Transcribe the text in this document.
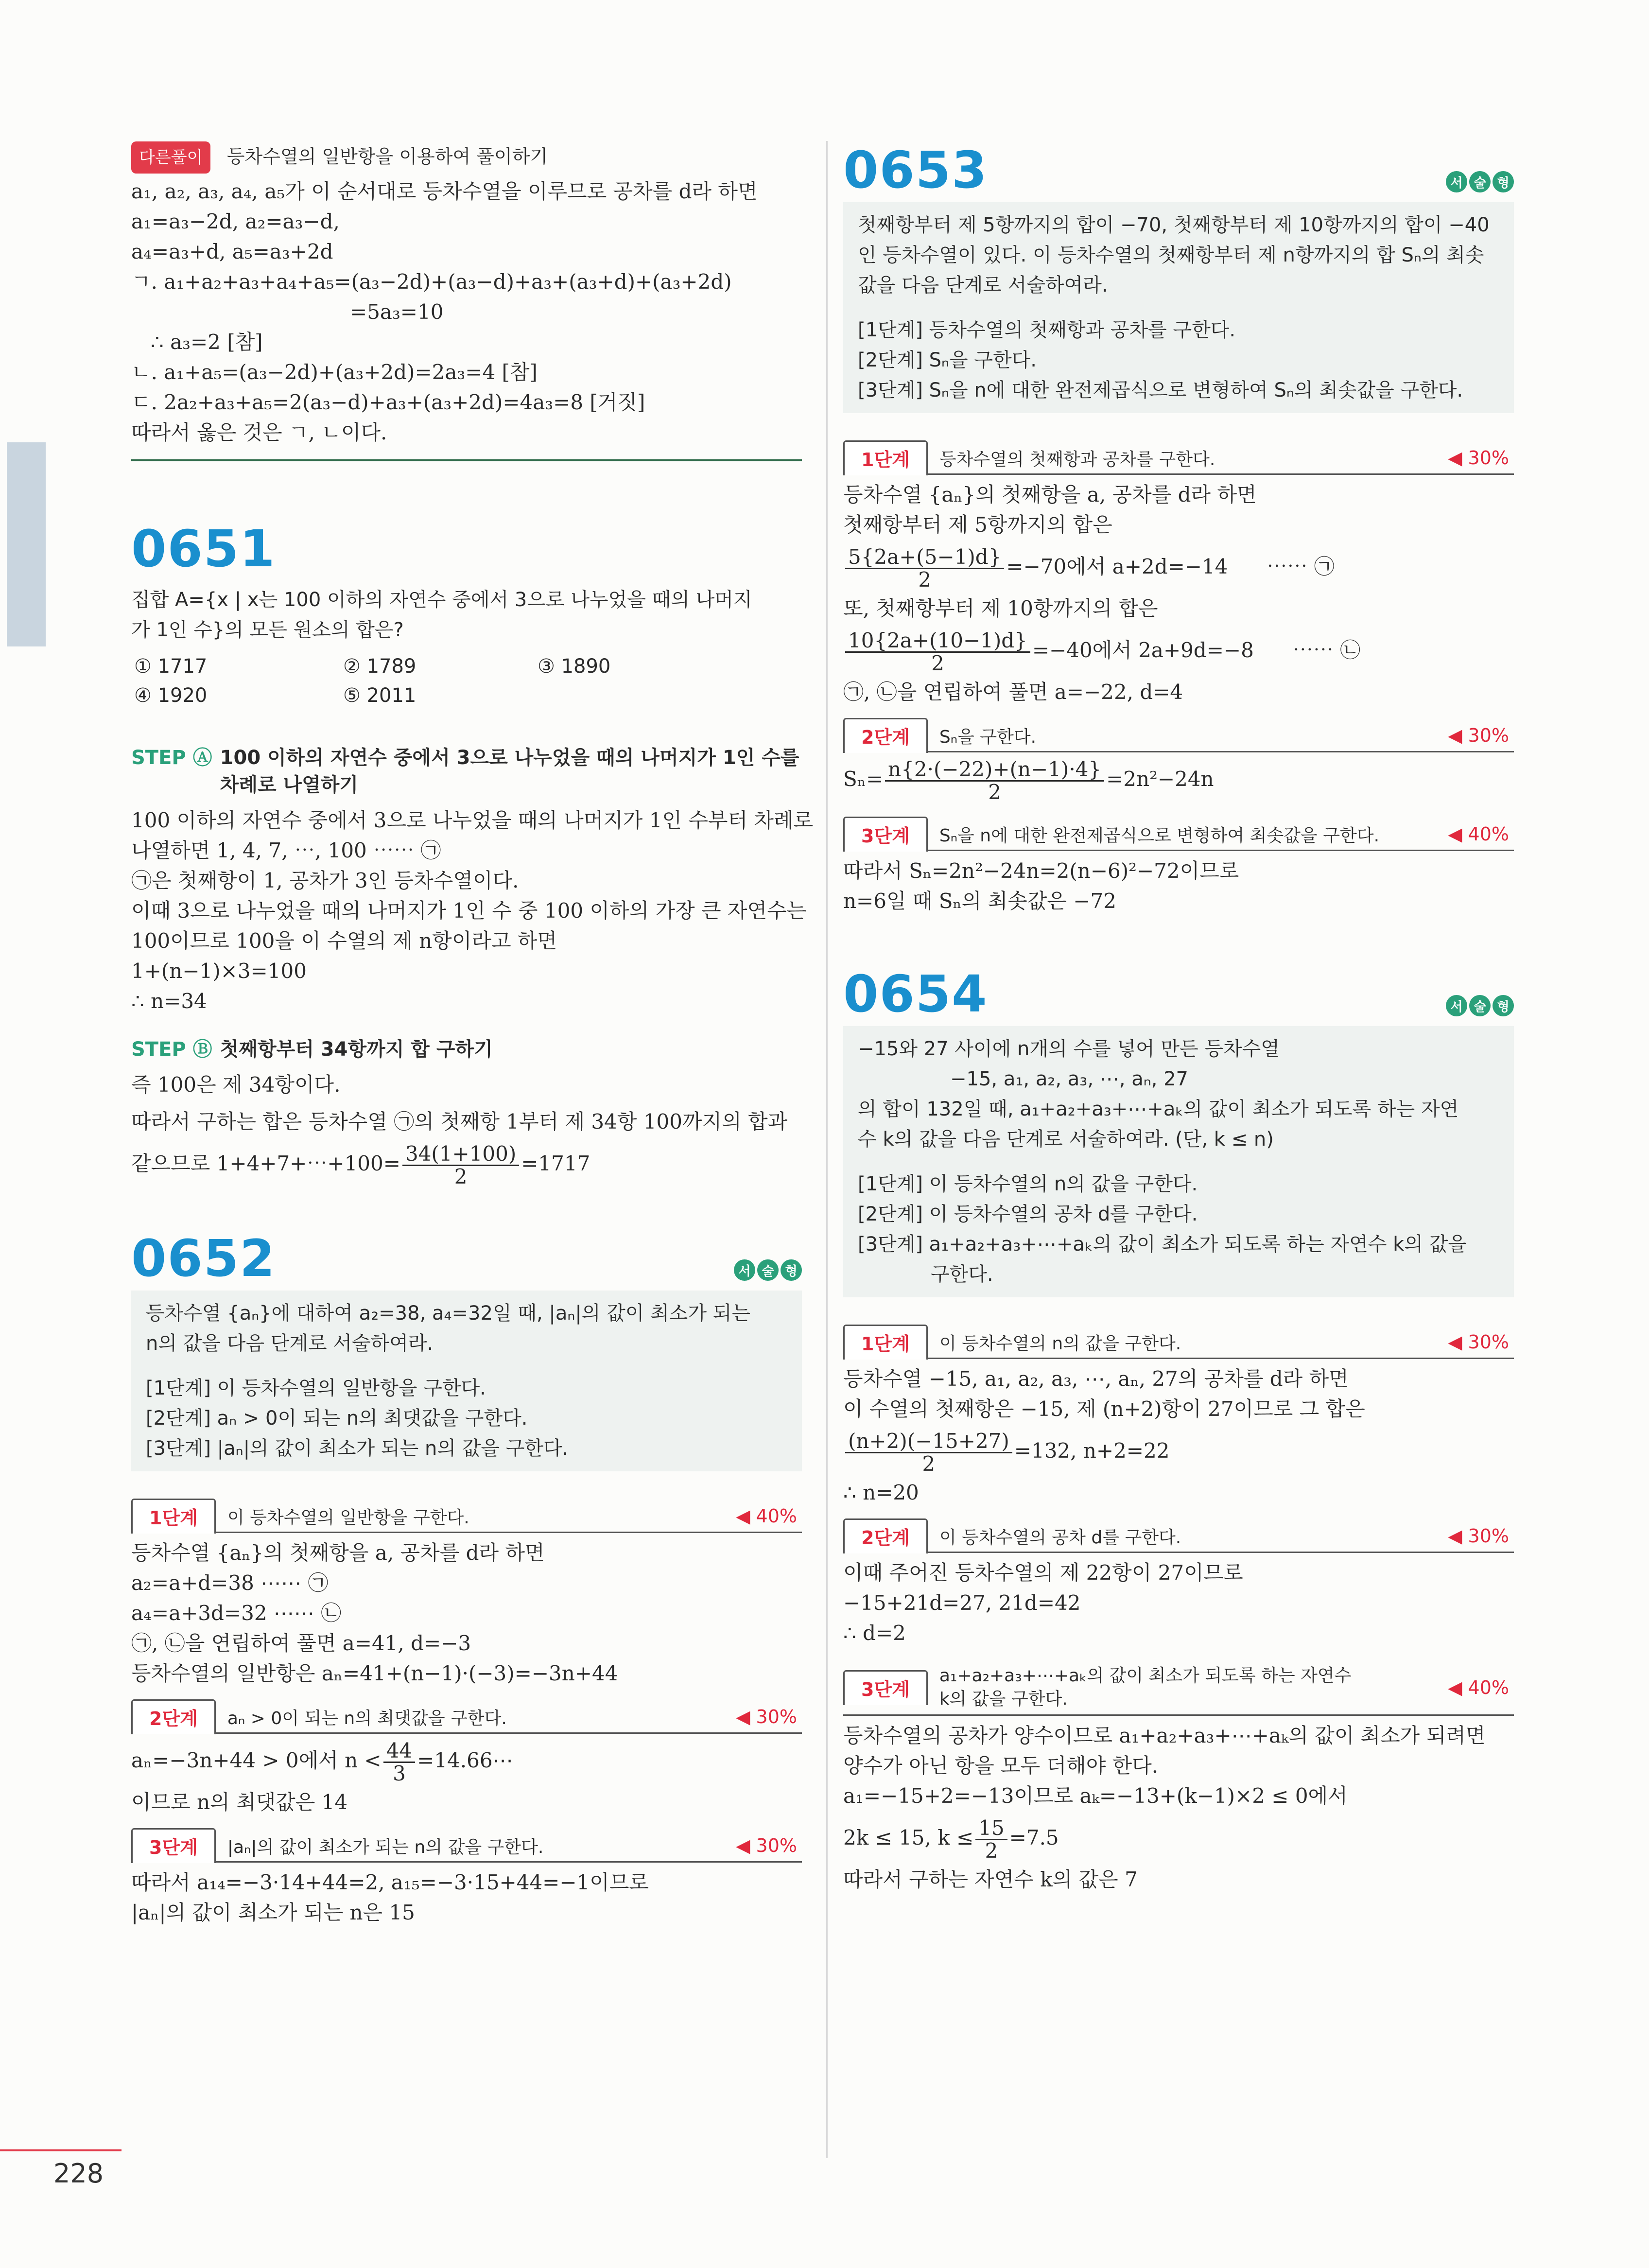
다른풀이 등차수열의 일반항을 이용하여 풀이하기
a₁, a₂, a₃, a₄, a₅가 이 순서대로 등차수열을 이루므로 공차를 d라 하면
a₁=a₃−2d, a₂=a₃−d,
a₄=a₃+d, a₅=a₃+2d
ㄱ. a₁+a₂+a₃+a₄+a₅=(a₃−2d)+(a₃−d)+a₃+(a₃+d)+(a₃+2d)
=5a₃=10
∴ a₃=2 [참]
ㄴ. a₁+a₅=(a₃−2d)+(a₃+2d)=2a₃=4 [참]
ㄷ. 2a₂+a₃+a₅=2(a₃−d)+a₃+(a₃+2d)=4a₃=8 [거짓]
따라서 옳은 것은 ㄱ, ㄴ이다.
0651
집합 A={x | x는 100 이하의 자연수 중에서 3으로 나누었을 때의 나머지
가 1인 수}의 모든 원소의 합은?
① 1717	② 1789	③ 1890
④ 1920	⑤ 2011
STEP Ⓐ 100 이하의 자연수 중에서 3으로 나누었을 때의 나머지가 1인 수를 차례로 나열하기
100 이하의 자연수 중에서 3으로 나누었을 때의 나머지가 1인 수부터 차례로
나열하면 1, 4, 7, ⋯, 100 ⋯⋯ ㉠
㉠은 첫째항이 1, 공차가 3인 등차수열이다.
이때 3으로 나누었을 때의 나머지가 1인 수 중 100 이하의 가장 큰 자연수는
100이므로 100을 이 수열의 제 n항이라고 하면
1+(n−1)×3=100
∴ n=34
STEP Ⓑ 첫째항부터 34항까지 합 구하기
즉 100은 제 34항이다.
따라서 구하는 합은 등차수열 ㉠의 첫째항 1부터 제 34항 100까지의 합과
같으므로 1+4+7+⋯+100= $\frac{34(1+100)}{2} =1717$
0652	서 술 형
등차수열 {aₙ}에 대하여 a₂=38, a₄=32일 때, |aₙ|의 값이 최소가 되는
n의 값을 다음 단계로 서술하여라.
[1단계] 이 등차수열의 일반항을 구한다.
[2단계] aₙ > 0이 되는 n의 최댓값을 구한다.
[3단계] |aₙ|의 값이 최소가 되는 n의 값을 구한다.
1단계	이 등차수열의 일반항을 구한다.	◀ 40%
등차수열 {aₙ}의 첫째항을 a, 공차를 d라 하면
a₂=a+d=38 ⋯⋯ ㉠
a₄=a+3d=32 ⋯⋯ ㉡
㉠, ㉡을 연립하여 풀면 a=41, d=−3
등차수열의 일반항은 aₙ=41+(n−1)·(−3)=−3n+44
2단계	aₙ > 0이 되는 n의 최댓값을 구한다.	◀ 30%
aₙ=−3n+44 > 0에서 $n < \frac{44}{3}$ =14.66⋯
이므로 n의 최댓값은 14
3단계	|aₙ|의 값이 최소가 되는 n의 값을 구한다.	◀ 30%
따라서 a₁₄=−3·14+44=2, a₁₅=−3·15+44=−1이므로
|aₙ|의 값이 최소가 되는 n은 15
0653	서 술 형
첫째항부터 제 5항까지의 합이 −70, 첫째항부터 제 10항까지의 합이 −40
인 등차수열이 있다. 이 등차수열의 첫째항부터 제 n항까지의 합 Sₙ의 최솟
값을 다음 단계로 서술하여라.
[1단계] 등차수열의 첫째항과 공차를 구한다.
[2단계] Sₙ을 구한다.
[3단계] Sₙ을 n에 대한 완전제곱식으로 변형하여 Sₙ의 최솟값을 구한다.
1단계	등차수열의 첫째항과 공차를 구한다.	◀ 30%
등차수열 {aₙ}의 첫째항을 a, 공차를 d라 하면
첫째항부터 제 5항까지의 합은
$\frac{5\{2a+(5-1)d\}}{2} =-70$에서 a+2d=−14 ⋯⋯ ㉠
또, 첫째항부터 제 10항까지의 합은
$\frac{10\{2a+(10-1)d\}}{2} =-40$에서 2a+9d=−8 ⋯⋯ ㉡
㉠, ㉡을 연립하여 풀면 a=−22, d=4
2단계	Sₙ을 구한다.	◀ 30%
$S_n= \frac{n\{2\cdot(-22)+(n-1)\cdot 4\}}{2} =2n^2-24n$
3단계	Sₙ을 n에 대한 완전제곱식으로 변형하여 최솟값을 구한다.	◀ 40%
따라서 Sₙ=2n²−24n=2(n−6)²−72이므로
n=6일 때 Sₙ의 최솟값은 −72
0654	서 술 형
−15와 27 사이에 n개의 수를 넣어 만든 등차수열
−15, a₁, a₂, a₃, ⋯, aₙ, 27
의 합이 132일 때, a₁+a₂+a₃+⋯+aₖ의 값이 최소가 되도록 하는 자연
수 k의 값을 다음 단계로 서술하여라. (단, k ≤ n)
[1단계] 이 등차수열의 n의 값을 구한다.
[2단계] 이 등차수열의 공차 d를 구한다.
[3단계] a₁+a₂+a₃+⋯+aₖ의 값이 최소가 되도록 하는 자연수 k의 값을
구한다.
1단계	이 등차수열의 n의 값을 구한다.	◀ 30%
등차수열 −15, a₁, a₂, a₃, ⋯, aₙ, 27의 공차를 d라 하면
이 수열의 첫째항은 −15, 제 (n+2)항이 27이므로 그 합은
$\frac{(n+2)(-15+27)}{2} =132$, n+2=22
∴ n=20
2단계	이 등차수열의 공차 d를 구한다.	◀ 30%
이때 주어진 등차수열의 제 22항이 27이므로
−15+21d=27, 21d=42
∴ d=2
3단계
a₁+a₂+a₃+⋯+aₖ의 값이 최소가 되도록 하는 자연수
k의 값을 구한다.
◀ 40%
등차수열의 공차가 양수이므로 a₁+a₂+a₃+⋯+aₖ의 값이 최소가 되려면
양수가 아닌 항을 모두 더해야 한다.
a₁=−15+2=−13이므로 aₖ=−13+(k−1)×2 ≤ 0에서
2k ≤ 15, $k \le \frac{15}{2} =7.5$
따라서 구하는 자연수 k의 값은 7
228
